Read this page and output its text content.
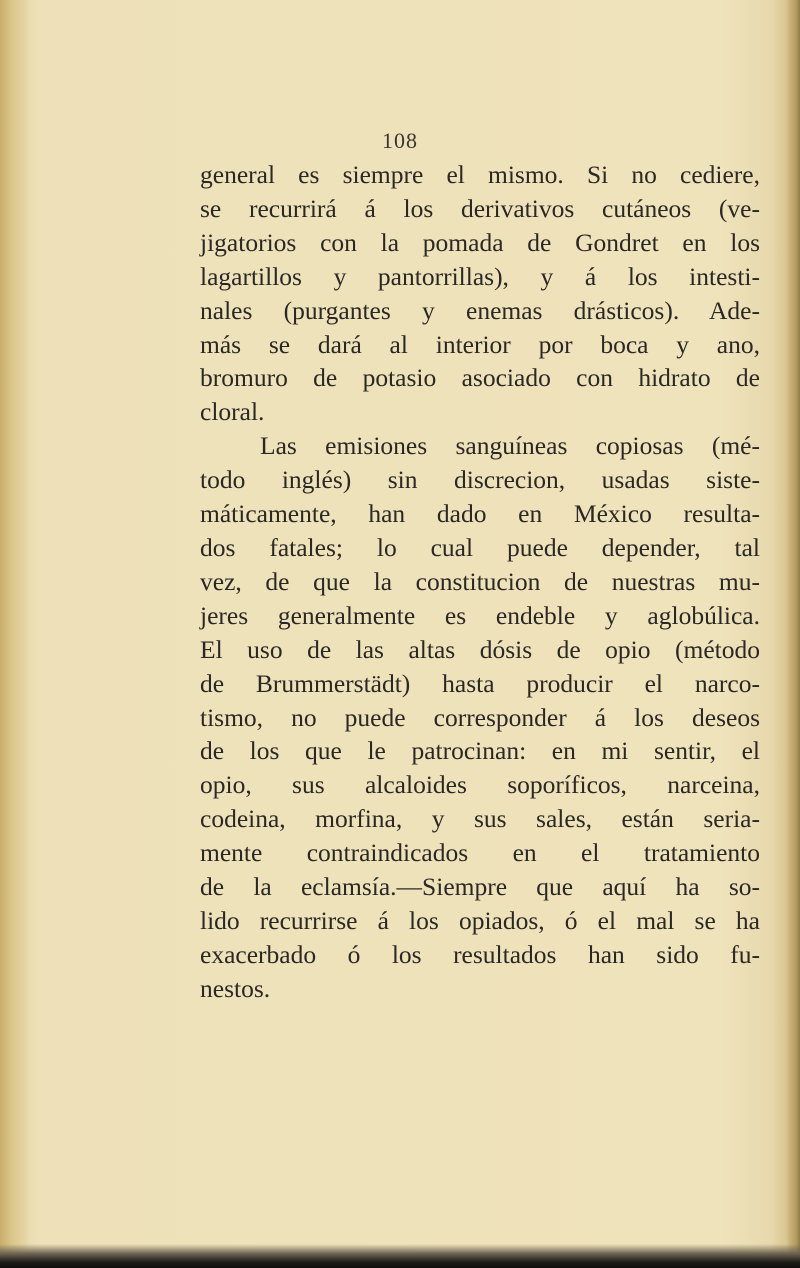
108
general es siempre el mismo. Si no cediere,
se recurrirá á los derivativos cutáneos (ve-
jigatorios con la pomada de Gondret en los
lagartillos y pantorrillas), y á los intesti-
nales (purgantes y enemas drásticos). Ade-
más se dará al interior por boca y ano,
bromuro de potasio asociado con hidrato de
cloral.
Las emisiones sanguíneas copiosas (mé-
todo inglés) sin discrecion, usadas siste-
máticamente, han dado en México resulta-
dos fatales; lo cual puede depender, tal
vez, de que la constitucion de nuestras mu-
jeres generalmente es endeble y aglobúlica.
El uso de las altas dósis de opio (método
de Brummerstädt) hasta producir el narco-
tismo, no puede corresponder á los deseos
de los que le patrocinan: en mi sentir, el
opio, sus alcaloides soporíficos, narceina,
codeina, morfina, y sus sales, están seria-
mente contraindicados en el tratamiento
de la eclamsía.—Siempre que aquí ha so-
lido recurrirse á los opiados, ó el mal se ha
exacerbado ó los resultados han sido fu-
nestos.
